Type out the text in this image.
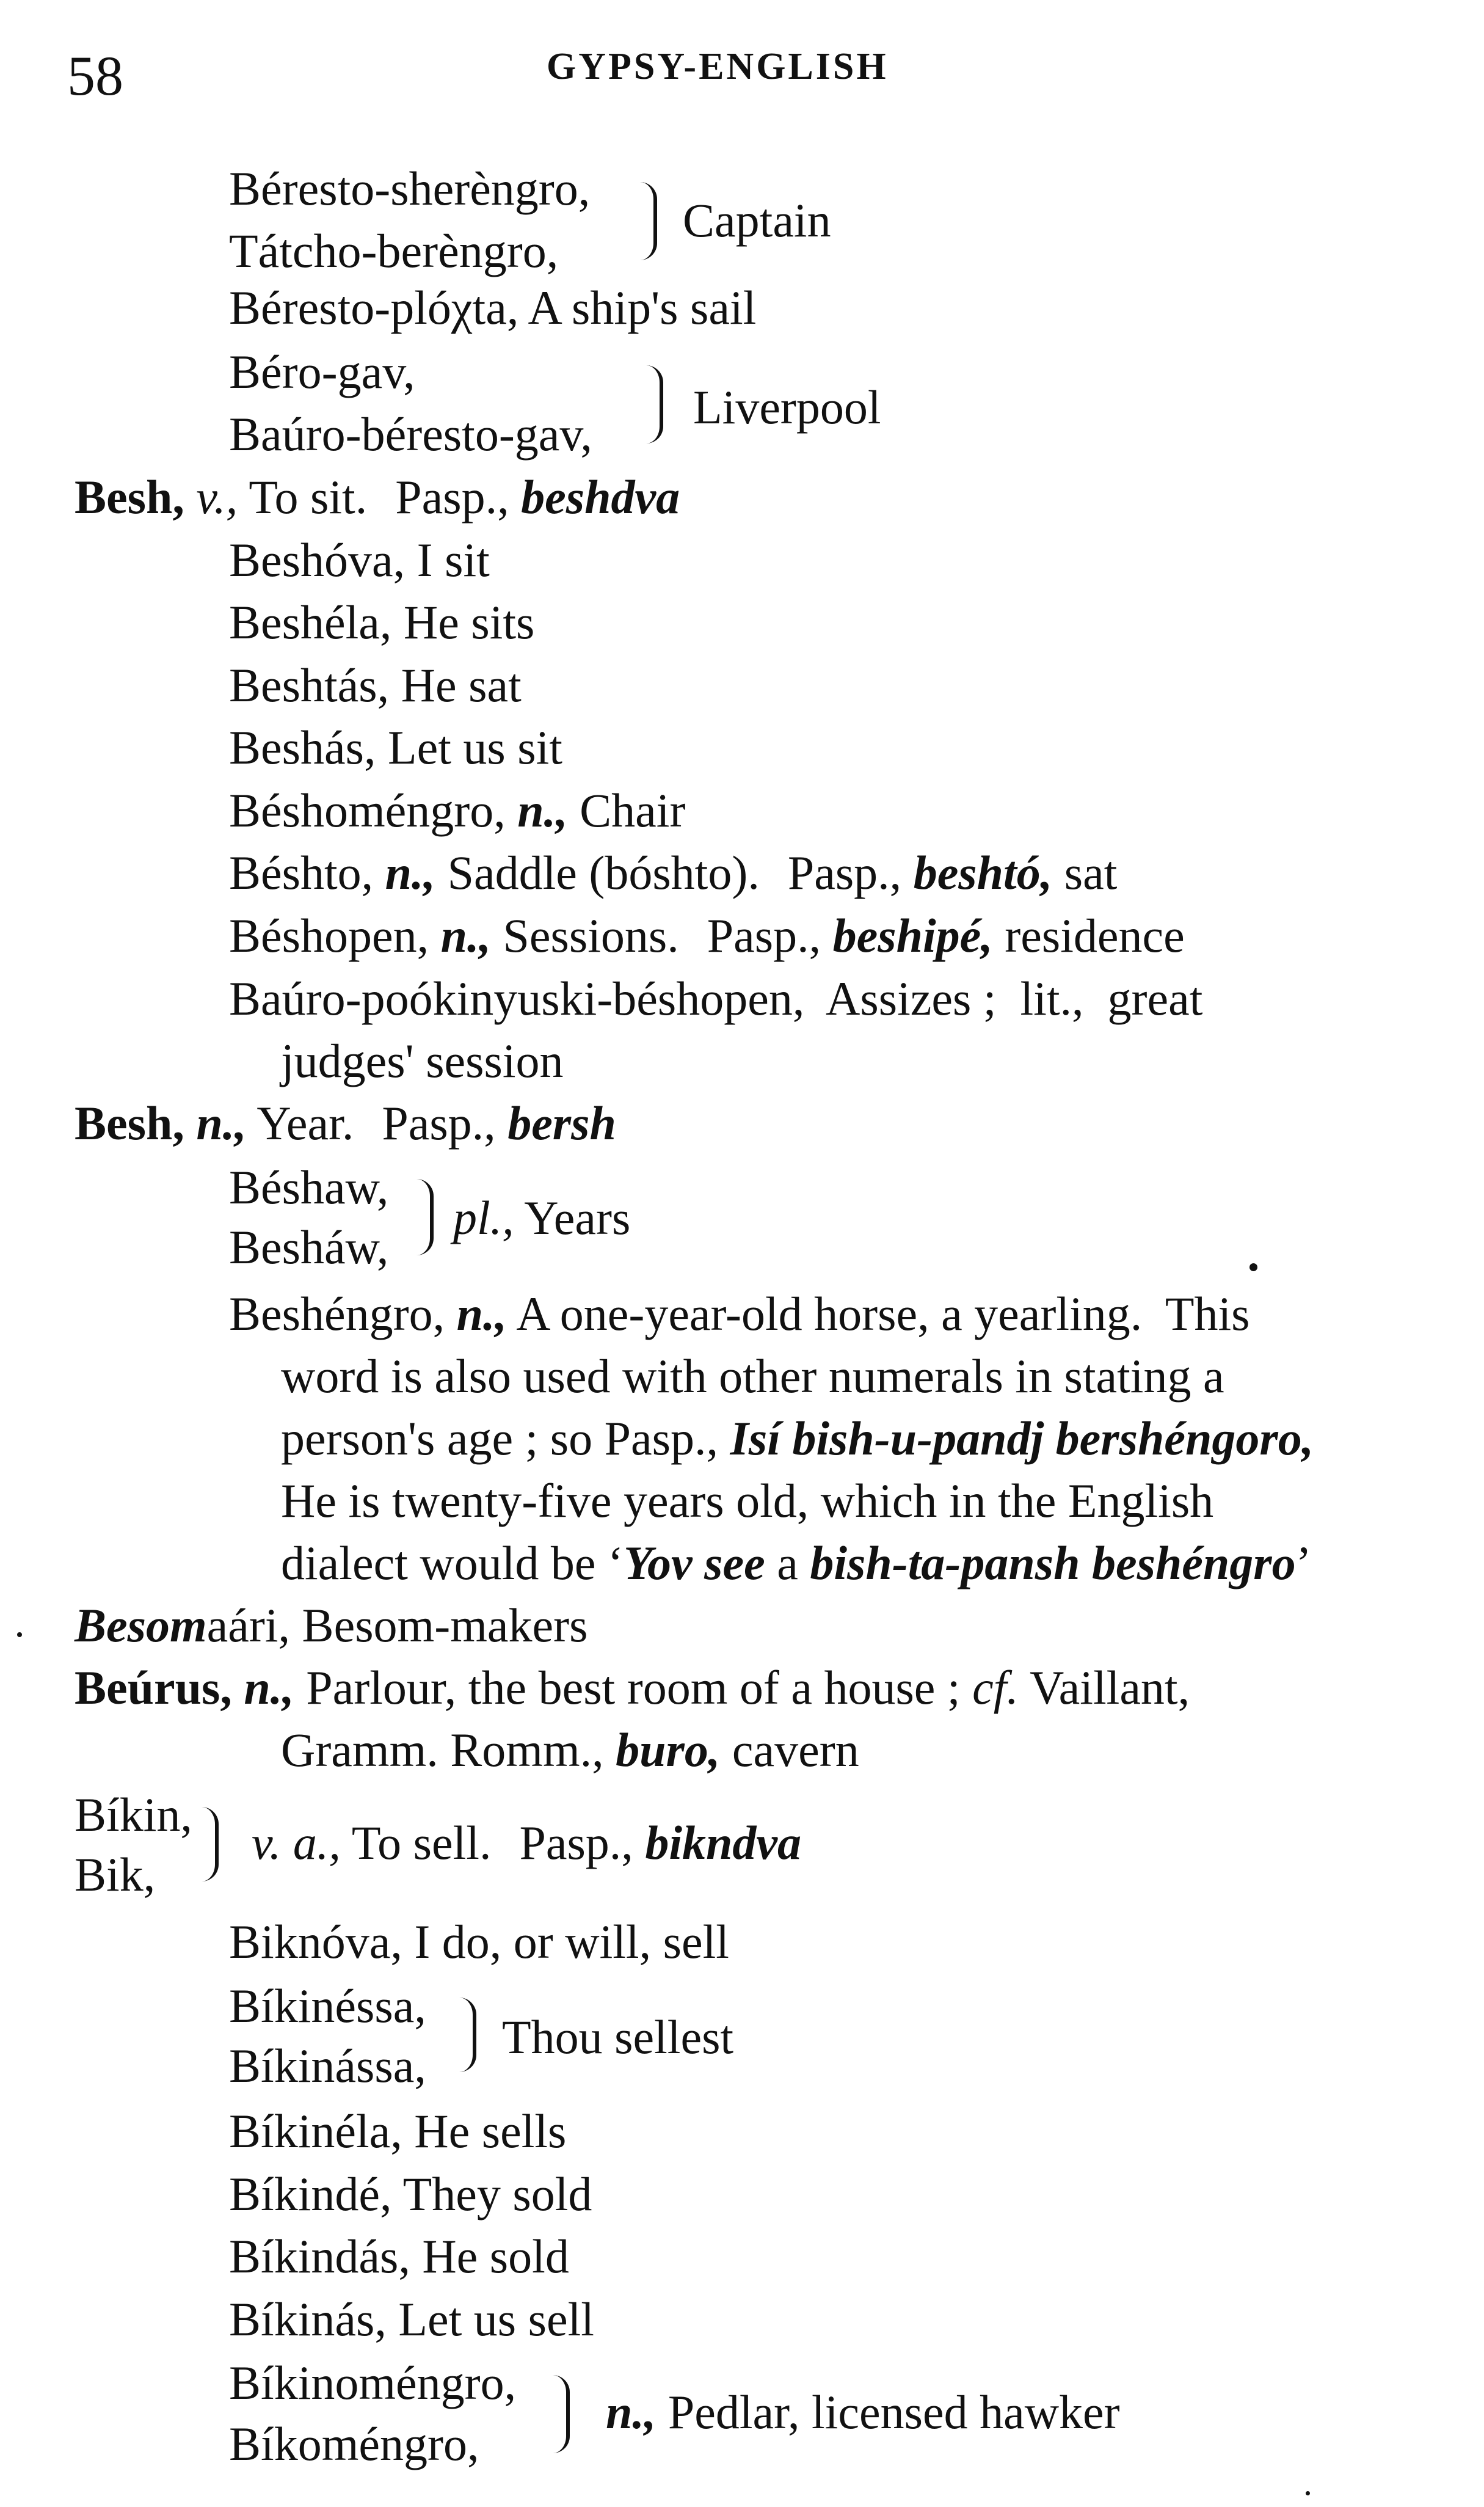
58	GYPSY-ENGLISH
Béresto-sherèngro,
Tátcho-berèngro,
Captain
Béresto-plóχta, A ship's sail
Béro-gav,
Baúro-béresto-gav,
Liverpool
Besh, v., To sit. Pasp., beshdva
Beshóva, I sit
Beshéla, He sits
Beshtás, He sat
Beshás, Let us sit
Béshoméngro, n., Chair
Béshto, n., Saddle (bóshto). Pasp., beshtó, sat
Béshopen, n., Sessions. Pasp., beshipé, residence
Baúro-poókinyuski-béshopen,  Assizes ;  lit.,  great
judges' session
Besh, n., Year. Pasp., bersh
Béshaw,
Besháw,
pl., Years
Beshéngro, n., A one-year-old horse, a yearling.  This
word is also used with other numerals in stating a
person's age ; so Pasp., Isí bish-u-pandj bershéngoro,
He is twenty-five years old, which in the English
dialect would be ‘Yov see a bish-ta-pansh beshéngro’
Besomaári, Besom-makers
Beúrus, n., Parlour, the best room of a house ; cf. Vaillant,
Gramm. Romm., buro, cavern
Bíkin,
Bik,
v. a., To sell. Pasp., bikndva
Biknóva, I do, or will, sell
Bíkinéssa,
Bíkinássa,
Thou sellest
Bíkinéla, He sells
Bíkindé, They sold
Bíkindás, He sold
Bíkinás, Let us sell
Bíkinoméngro,
Bíkoméngro,
n., Pedlar, licensed hawker
